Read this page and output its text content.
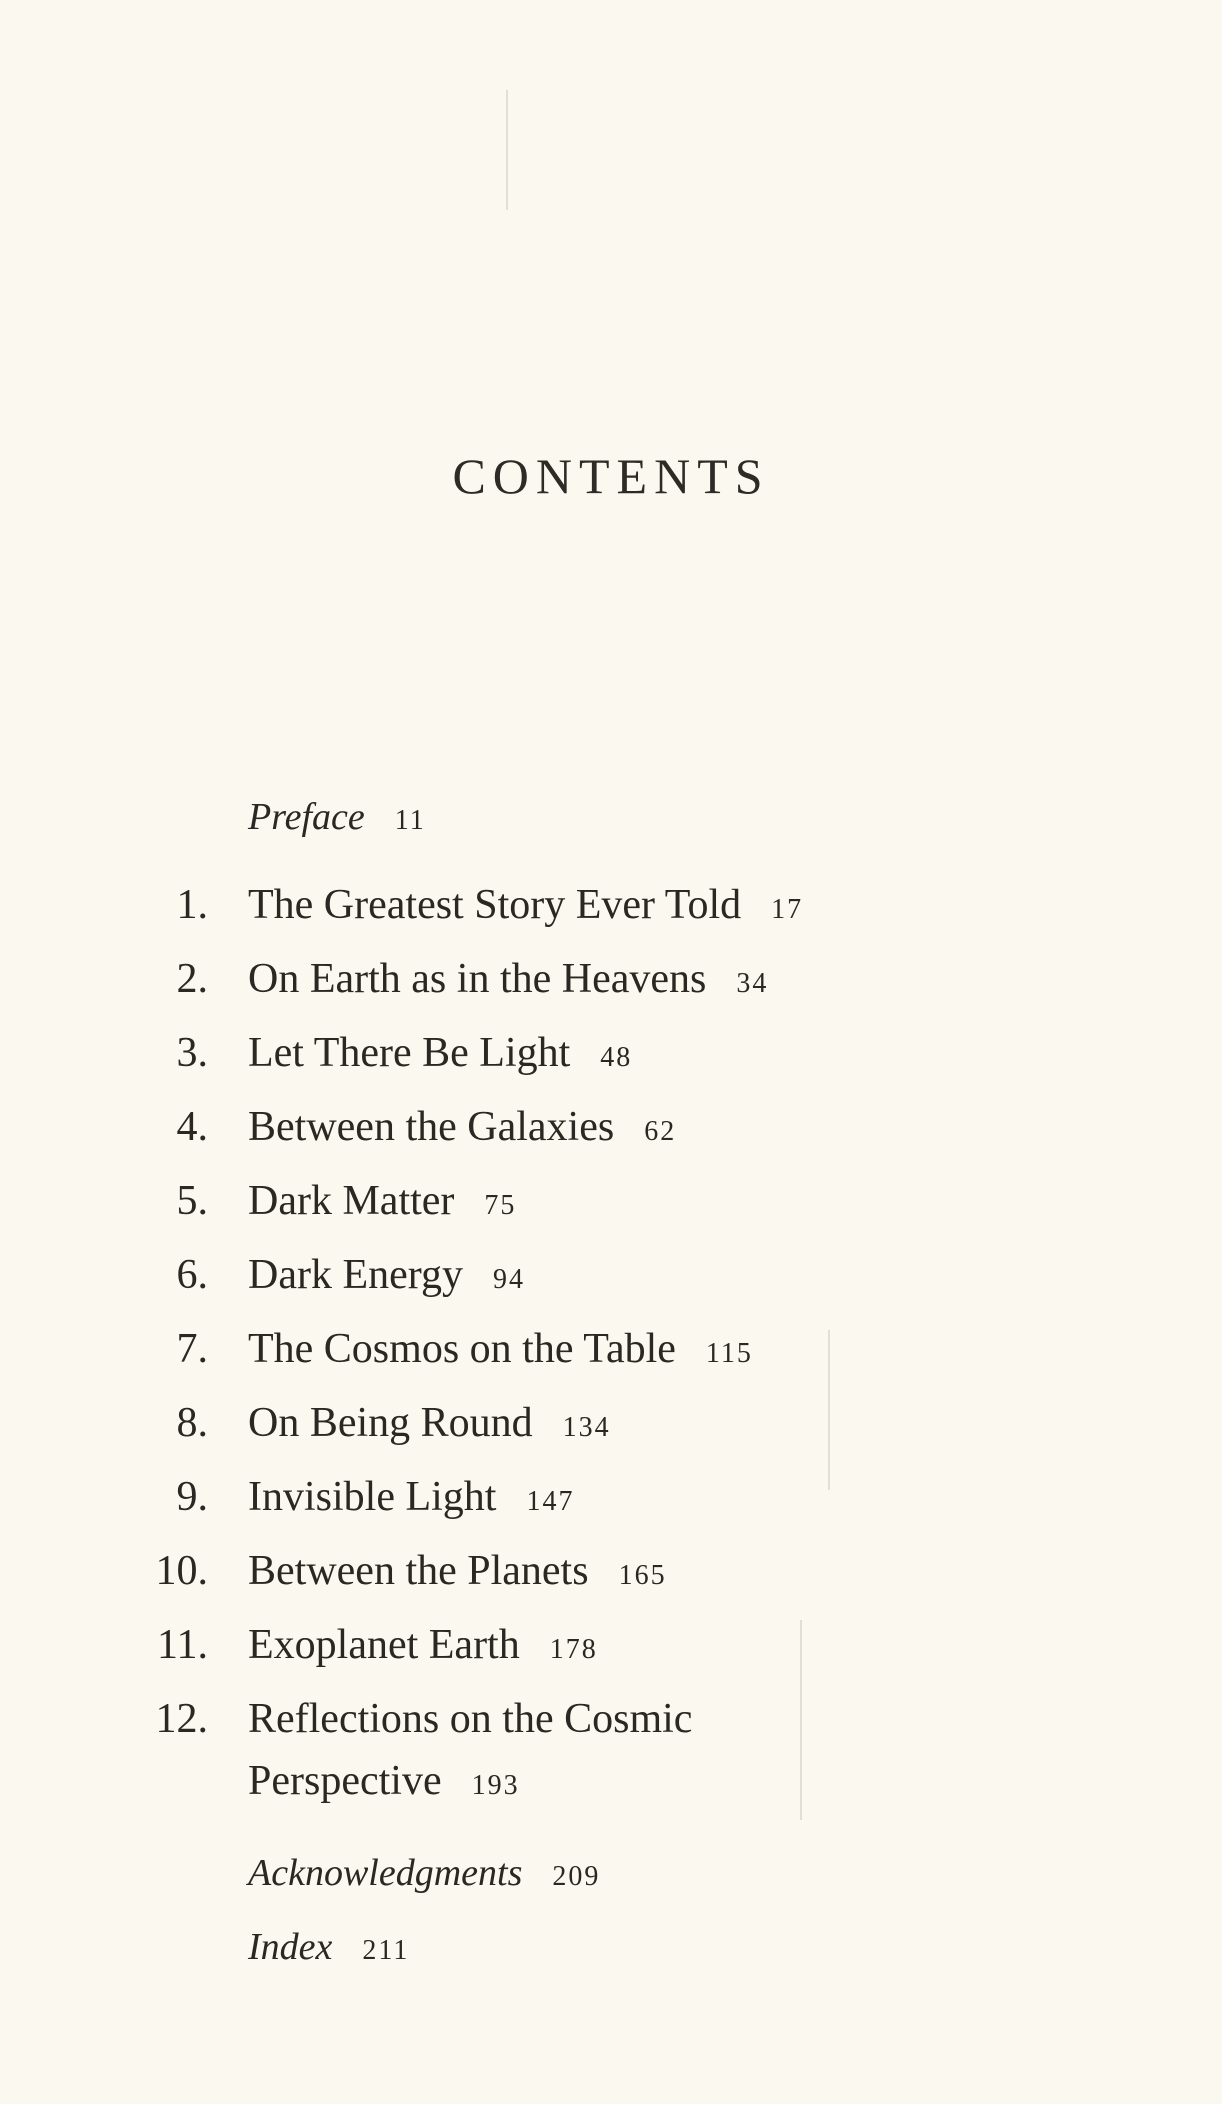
CONTENTS
Preface 11
1. The Greatest Story Ever Told 17
2. On Earth as in the Heavens 34
3. Let There Be Light 48
4. Between the Galaxies 62
5. Dark Matter 75
6. Dark Energy 94
7. The Cosmos on the Table 115
8. On Being Round 134
9. Invisible Light 147
10. Between the Planets 165
11. Exoplanet Earth 178
12. Reflections on the Cosmic Perspective 193
Acknowledgments 209
Index 211
